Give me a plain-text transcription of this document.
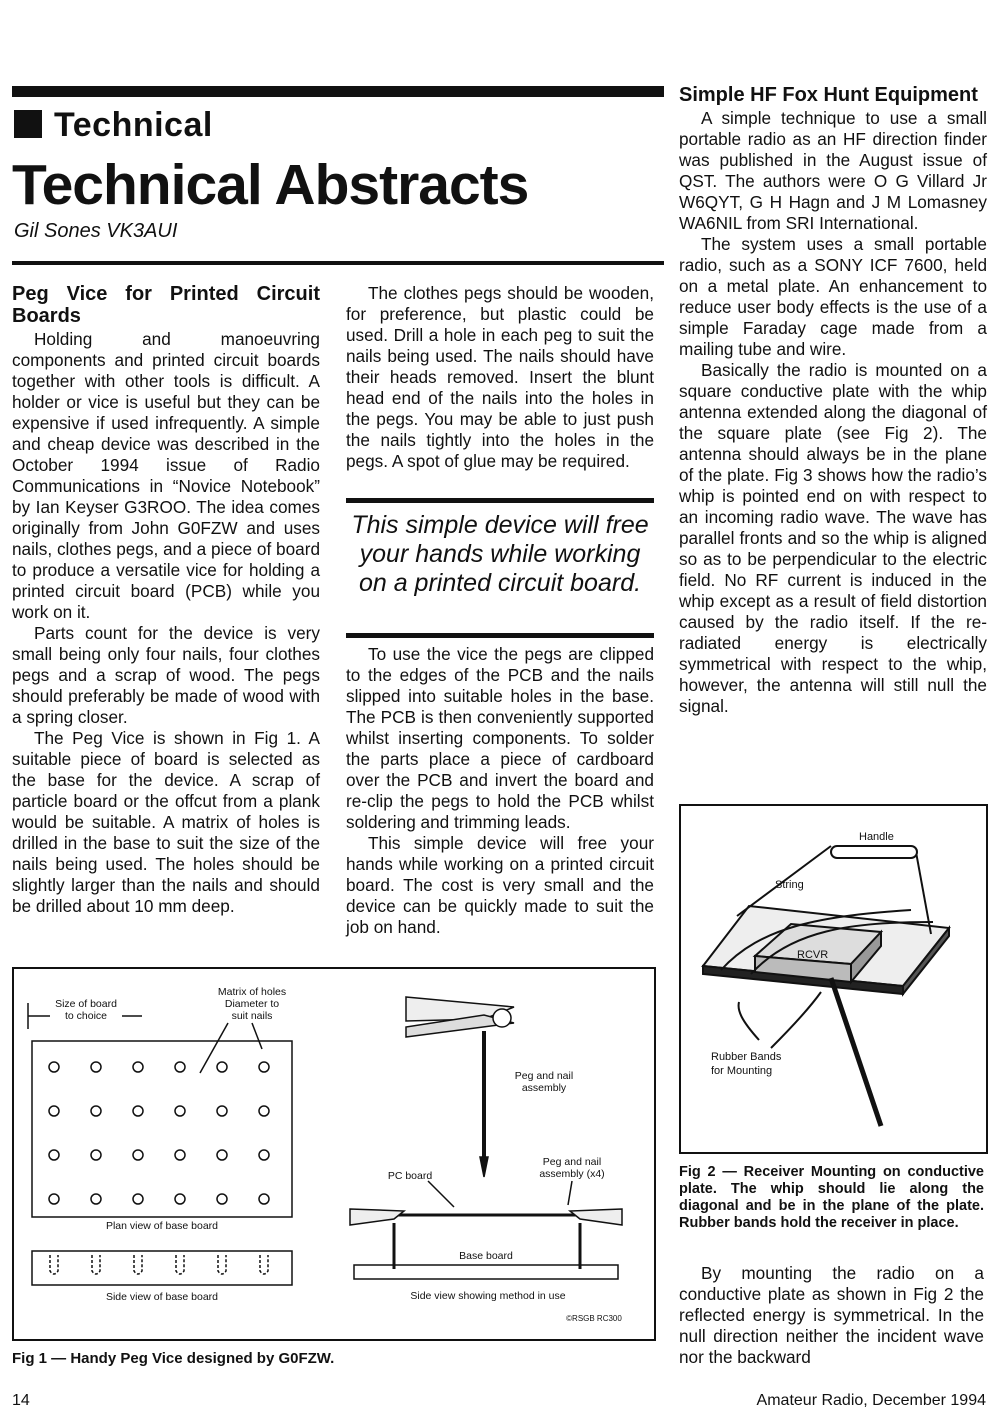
Technical
Technical Abstracts
Gil Sones VK3AUI
Peg Vice for Printed Circuit Boards

Holding and manoeuvring components and printed circuit boards together with other tools is difficult. A holder or vice is useful but they can be expensive if used infrequently. A simple and cheap device was described in the October 1994 issue of Radio Communications in “Novice Notebook” by Ian Keyser G3ROO. The idea comes originally from John G0FZW and uses nails, clothes pegs, and a piece of board to produce a versatile vice for holding a printed circuit board (PCB) while you work on it.

Parts count for the device is very small being only four nails, four clothes pegs and a scrap of wood. The pegs should preferably be made of wood with a spring closer.

The Peg Vice is shown in Fig 1. A suitable piece of board is selected as the base for the device. A scrap of particle board or the offcut from a plank would be suitable. A matrix of holes is drilled in the base to suit the size of the nails being used. The holes should be slightly larger than the nails and should be drilled about 10 mm deep.

The clothes pegs should be wooden, for preference, but plastic could be used. Drill a hole in each peg to suit the nails being used. The nails should have their heads removed. Insert the blunt head end of the nails into the holes in the pegs. You may be able to just push the nails tightly into the holes in the pegs. A spot of glue may be required.

This simple device will free your hands while working on a printed circuit board.

To use the vice the pegs are clipped to the edges of the PCB and the nails slipped into suitable holes in the base. The PCB is then conveniently supported whilst inserting components. To solder the parts place a piece of cardboard over the PCB and invert the board and re-clip the pegs to hold the PCB whilst soldering and trimming leads.

This simple device will free your hands while working on a printed circuit board. The cost is very small and the device can be quickly made to suit the job on hand.

Simple HF Fox Hunt Equipment

A simple technique to use a small portable radio as an HF direction finder was published in the August issue of QST. The authors were O G Villard Jr W6QYT, G H Hagn and J M Lomasney WA6NIL from SRI International.

The system uses a small portable radio, such as a SONY ICF 7600, held on a metal plate. An enhancement to reduce user body effects is the use of a simple Faraday cage made from a mailing tube and wire.

Basically the radio is mounted on a square conductive plate with the whip antenna extended along the diagonal of the square plate (see Fig 2). The antenna should always be in the plane of the plate. Fig 3 shows how the radio’s whip is pointed end on with respect to an incoming radio wave. The wave has parallel fronts and so the whip is aligned so as to be perpendicular to the electric field. No RF current is induced in the whip except as a result of field distortion caused by the radio itself. If the re-radiated energy is electrically symmetrical with respect to the whip, however, the antenna will still null the signal.

Handle
String
RCVR
Rubber Bands
for Mounting
Fig 2 — Receiver Mounting on conductive plate. The whip should lie along the diagonal and be in the plane of the plate. Rubber bands hold the receiver in place.

By mounting the radio on a conductive plate as shown in Fig 2 the reflected energy is symmetrical. In the null direction neither the incident wave nor the backward

Size of board
to choice
Matrix of holes
Diameter to
suit nails
Plan view of base board
Side view of base board
Peg and nail
assembly
PC board
Peg and nail
assembly (x4)
Base board
Side view showing method in use
©RSGB RC300
Fig 1 — Handy Peg Vice designed by G0FZW.
14	Amateur Radio, December 1994
